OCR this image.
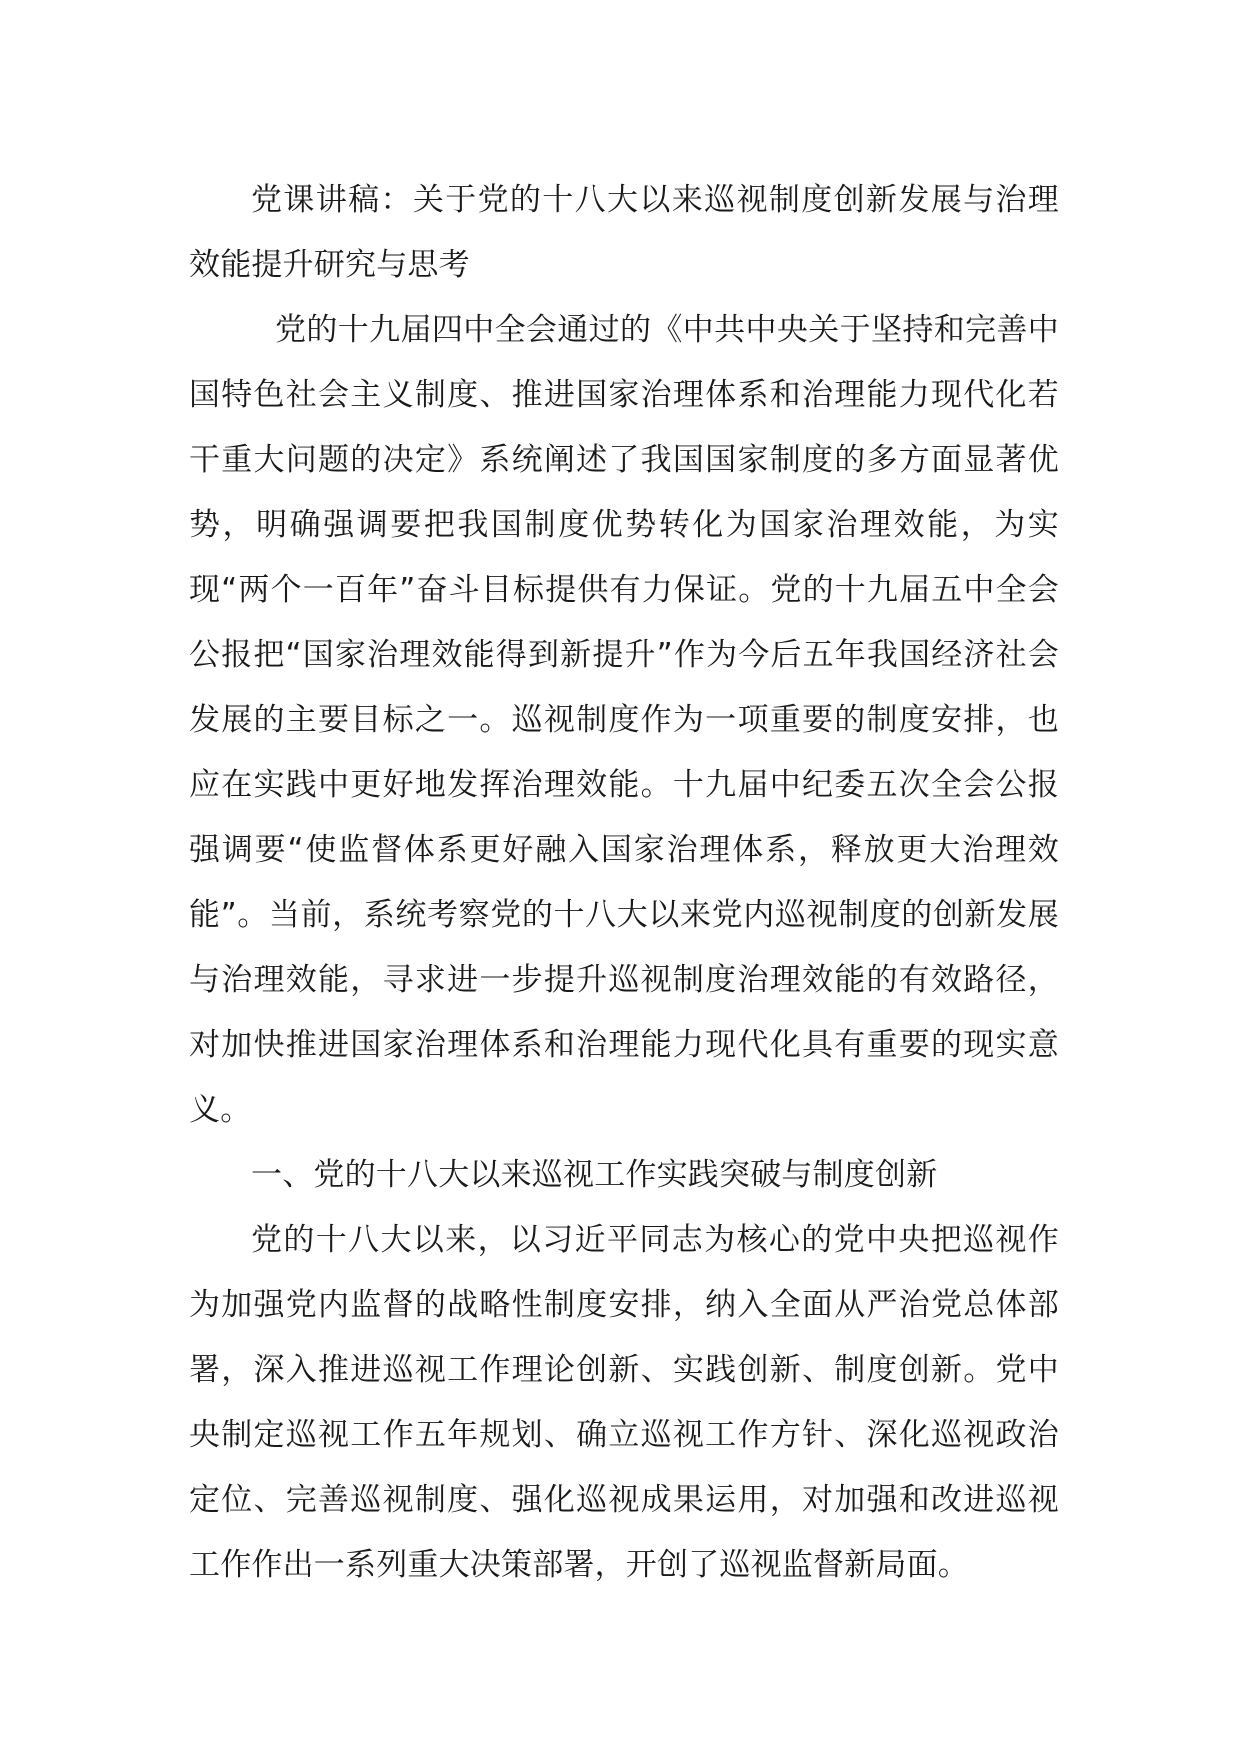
党课讲稿：关于党的十八大以来巡视制度创新发展与治理效能提升研究与思考

党的十九届四中全会通过的《中共中央关于坚持和完善中国特色社会主义制度、推进国家治理体系和治理能力现代化若干重大问题的决定》系统阐述了我国国家制度的多方面显著优势，明确强调要把我国制度优势转化为国家治理效能，为实现“两个一百年”奋斗目标提供有力保证。党的十九届五中全会公报把“国家治理效能得到新提升”作为今后五年我国经济社会发展的主要目标之一。巡视制度作为一项重要的制度安排，也应在实践中更好地发挥治理效能。十九届中纪委五次全会公报强调要“使监督体系更好融入国家治理体系，释放更大治理效能”。当前，系统考察党的十八大以来党内巡视制度的创新发展与治理效能，寻求进一步提升巡视制度治理效能的有效路径，对加快推进国家治理体系和治理能力现代化具有重要的现实意义。

一、党的十八大以来巡视工作实践突破与制度创新

党的十八大以来，以习近平同志为核心的党中央把巡视作为加强党内监督的战略性制度安排，纳入全面从严治党总体部署，深入推进巡视工作理论创新、实践创新、制度创新。党中央制定巡视工作五年规划、确立巡视工作方针、深化巡视政治定位、完善巡视制度、强化巡视成果运用，对加强和改进巡视工作作出一系列重大决策部署，开创了巡视监督新局面。
